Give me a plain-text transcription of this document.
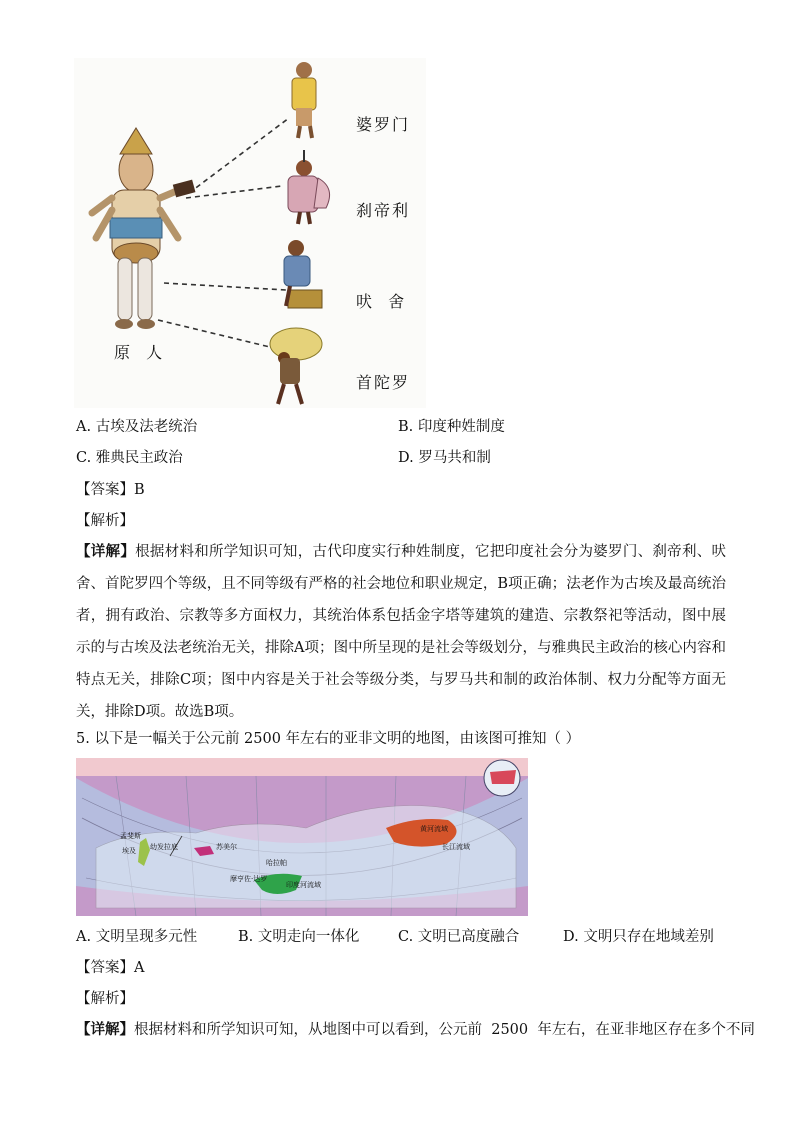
婆罗门
刹帝利
吠  舍
首陀罗
原  人
A. 古埃及法老统治	B. 印度种姓制度
C. 雅典民主政治	D. 罗马共和制
【答案】B
【解析】
【详解】根据材料和所学知识可知，古代印度实行种姓制度，它把印度社会分为婆罗门、刹帝利、吠舍、首陀罗四个等级，且不同等级有严格的社会地位和职业规定，B项正确；法老作为古埃及最高统治者，拥有政治、宗教等多方面权力，其统治体系包括金字塔等建筑的建造、宗教祭祀等活动，图中展示的与古埃及法老统治无关，排除A项；图中所呈现的是社会等级划分，与雅典民主政治的核心内容和特点无关，排除C项；图中内容是关于社会等级分类，与罗马共和制的政治体制、权力分配等方面无关，排除D项。故选B项。
5. 以下是一幅关于公元前 2500 年左右的亚非文明的地图，由该图可推知（ ）
孟斐斯
埃及 幼发拉底	苏美尔
哈拉帕
摩亨佐·达罗
印度河流域
黄河流域
长江流域
A. 文明呈现多元性	B. 文明走向一体化	C. 文明已高度融合	D. 文明只存在地域差别
【答案】A
【解析】
【详解】根据材料和所学知识可知，从地图中可以看到，公元前  2500  年左右，在亚非地区存在多个不同
